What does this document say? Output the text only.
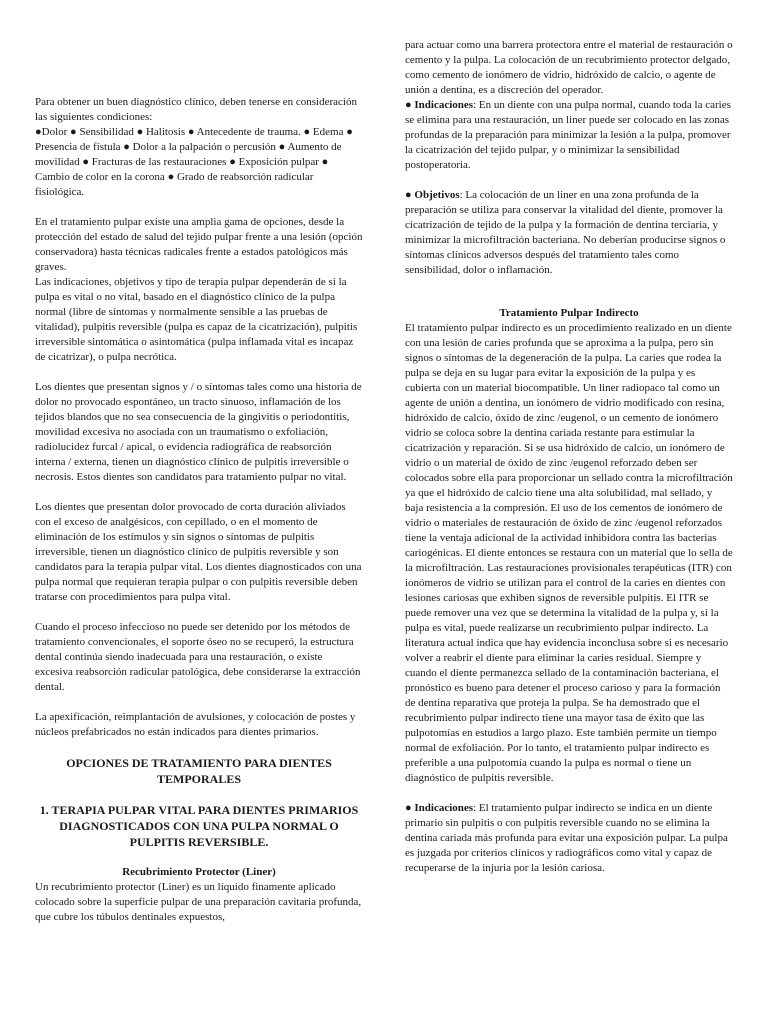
Para obtener un buen diagnóstico clínico, deben tenerse en consideración las siguientes condiciones:

●Dolor ● Sensibilidad ● Halitosis ● Antecedente de trauma. ● Edema ● Presencia de fístula ● Dolor a la palpación o percusión ● Aumento de movilidad ● Fracturas de las restauraciones ● Exposición pulpar ● Cambio de color en la corona ● Grado de reabsorción radicular fisiológica.

En el tratamiento pulpar existe una amplia gama de opciones, desde la protección del estado de salud del tejido pulpar frente a una lesión (opción conservadora) hasta técnicas radicales frente a estados patológicos más graves.

Las indicaciones, objetivos y tipo de terapia pulpar dependerán de si la pulpa es vital o no vital, basado en el diagnóstico clínico de la pulpa normal (libre de síntomas y normalmente sensible a las pruebas de vitalidad), pulpitis reversible (pulpa es capaz de la cicatrización), pulpitis irreversible sintomática o asintomática (pulpa inflamada vital es incapaz de cicatrizar), o pulpa necrótica.

Los dientes que presentan signos y / o síntomas tales como una historia de dolor no provocado espontáneo, un tracto sinuoso, inflamación de los tejidos blandos que no sea consecuencia de la gingivitis o periodontitis, movilidad excesiva no asociada con un traumatismo o exfoliación, radiolucidez furcal / apical, o evidencia radiográfica de reabsorción interna / externa, tienen un diagnóstico clínico de pulpitis irreversible o necrosis. Estos dientes son candidatos para tratamiento pulpar no vital.

Los dientes que presentan dolor provocado de corta duración aliviados con el exceso de analgésicos, con cepillado, o en el momento de eliminación de los estímulos y sin signos o síntomas de pulpitis irreversible, tienen un diagnóstico clínico de pulpitis reversible y son candidatos para la terapia pulpar vital. Los dientes diagnosticados con una pulpa normal que requieran terapia pulpar o con pulpitis reversible deben tratarse con procedimientos para pulpa vital.

Cuando el proceso infeccioso no puede ser detenido por los métodos de tratamiento convencionales, el soporte óseo no se recuperó, la estructura dental continúa siendo inadecuada para una restauración, o existe excesiva reabsorción radicular patológica, debe considerarse la extracción dental.

La apexificación, reimplantación de avulsiones, y colocación de postes y núcleos prefabricados no están indicados para dientes primarios.

OPCIONES DE TRATAMIENTO PARA DIENTES TEMPORALES

1. TERAPIA PULPAR VITAL PARA DIENTES PRIMARIOS DIAGNOSTICADOS CON UNA PULPA NORMAL O PULPITIS REVERSIBLE.

Recubrimiento Protector (Liner)

Un recubrimiento protector (Liner) es un líquido finamente aplicado colocado sobre la superficie pulpar de una preparación cavitaria profunda, que cubre los túbulos dentinales expuestos,

para actuar como una barrera protectora entre el material de restauración o cemento y la pulpa. La colocación de un recubrimiento protector delgado, como cemento de ionómero de vidrio, hidróxido de calcio, o agente de unión a dentina, es a discreción del operador.

● Indicaciones: En un diente con una pulpa normal, cuando toda la caries se elimina para una restauración, un liner puede ser colocado en las zonas profundas de la preparación para minimizar la lesión a la pulpa, promover la cicatrización del tejido pulpar, y o minimizar la sensibilidad postoperatoria.

● Objetivos: La colocación de un liner en una zona profunda de la preparación se utiliza para conservar la vitalidad del diente, promover la cicatrización de tejido de la pulpa y la formación de dentina terciaria, y minimizar la microfiltración bacteriana. No deberían producirse signos o síntomas clínicos adversos después del tratamiento tales como sensibilidad, dolor o inflamación.

Tratamiento Pulpar Indirecto

El tratamiento pulpar indirecto es un procedimiento realizado en un diente con una lesión de caries profunda que se aproxima a la pulpa, pero sin signos o síntomas de la degeneración de la pulpa. La caries que rodea la pulpa se deja en su lugar para evitar la exposición de la pulpa y es cubierta con un material biocompatible. Un liner radiopaco tal como un agente de unión a dentina, un ionómero de vidrio modificado con resina, hidróxido de calcio, óxido de zinc /eugenol, o un cemento de ionómero vidrio se coloca sobre la dentina cariada restante para estimular la cicatrización y reparación. Si se usa hidróxido de calcio, un ionómero de vidrio o un material de óxido de zinc /eugenol reforzado deben ser colocados sobre ella para proporcionar un sellado contra la microfiltración ya que el hidróxido de calcio tiene una alta solubilidad, mal sellado, y baja resistencia a la compresión. El uso de los cementos de ionómero de vidrio o materiales de restauración de óxido de zinc /eugenol reforzados tiene la ventaja adicional de la actividad inhibidora contra las bacterias cariogénicas. El diente entonces se restaura con un material que lo sella de la microfiltración. Las restauraciones provisionales terapéuticas (ITR) con ionómeros de vidrio se utilizan para el control de la caries en dientes con lesiones cariosas que exhiben signos de reversible pulpitis. El ITR se puede remover una vez que se determina la vitalidad de la pulpa y, si la pulpa es vital, puede realizarse un recubrimiento pulpar indirecto. La literatura actual indica que hay evidencia inconclusa sobre si es necesario volver a reabrir el diente para eliminar la caries residual. Siempre y cuando el diente permanezca sellado de la contaminación bacteriana, el pronóstico es bueno para detener el proceso carioso y para la formación de dentina reparativa que proteja la pulpa. Se ha demostrado que el recubrimiento pulpar indirecto tiene una mayor tasa de éxito que las pulpotomías en estudios a largo plazo. Este también permite un tiempo normal de exfoliación. Por lo tanto, el tratamiento pulpar indirecto es preferible a una pulpotomía cuando la pulpa es normal o tiene un diagnóstico de pulpitis reversible.

● Indicaciones: El tratamiento pulpar indirecto se indica en un diente primario sin pulpitis o con pulpitis reversible cuando no se elimina la dentina cariada más profunda para evitar una exposición pulpar. La pulpa es juzgada por criterios clínicos y radiográficos como vital y capaz de recuperarse de la injuria por la lesión cariosa.
